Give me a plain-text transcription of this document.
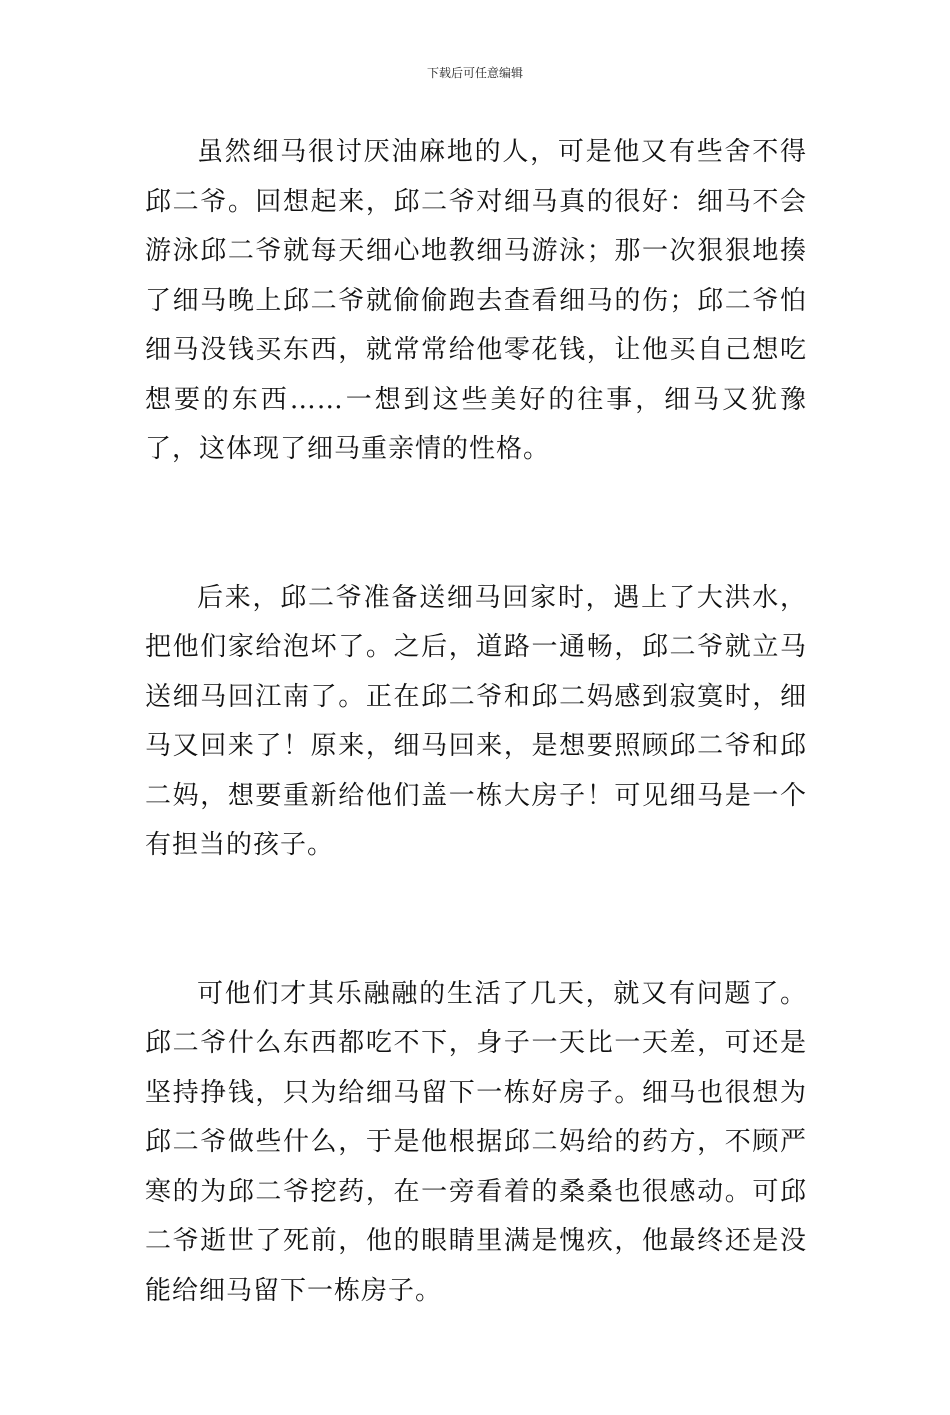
下载后可任意编辑

虽然细马很讨厌油麻地的人，可是他又有些舍不得邱二爷。回想起来，邱二爷对细马真的很好：细马不会游泳邱二爷就每天细心地教细马游泳；那一次狠狠地揍了细马晚上邱二爷就偷偷跑去查看细马的伤；邱二爷怕细马没钱买东西，就常常给他零花钱，让他买自己想吃想要的东西……一想到这些美好的往事，细马又犹豫了，这体现了细马重亲情的性格。

后来，邱二爷准备送细马回家时，遇上了大洪水，把他们家给泡坏了。之后，道路一通畅，邱二爷就立马送细马回江南了。正在邱二爷和邱二妈感到寂寞时，细马又回来了！原来，细马回来，是想要照顾邱二爷和邱二妈，想要重新给他们盖一栋大房子！可见细马是一个有担当的孩子。

可他们才其乐融融的生活了几天，就又有问题了。邱二爷什么东西都吃不下，身子一天比一天差，可还是坚持挣钱，只为给细马留下一栋好房子。细马也很想为邱二爷做些什么，于是他根据邱二妈给的药方，不顾严寒的为邱二爷挖药，在一旁看着的桑桑也很感动。可邱二爷逝世了死前，他的眼睛里满是愧疚，他最终还是没能给细马留下一栋房子。
